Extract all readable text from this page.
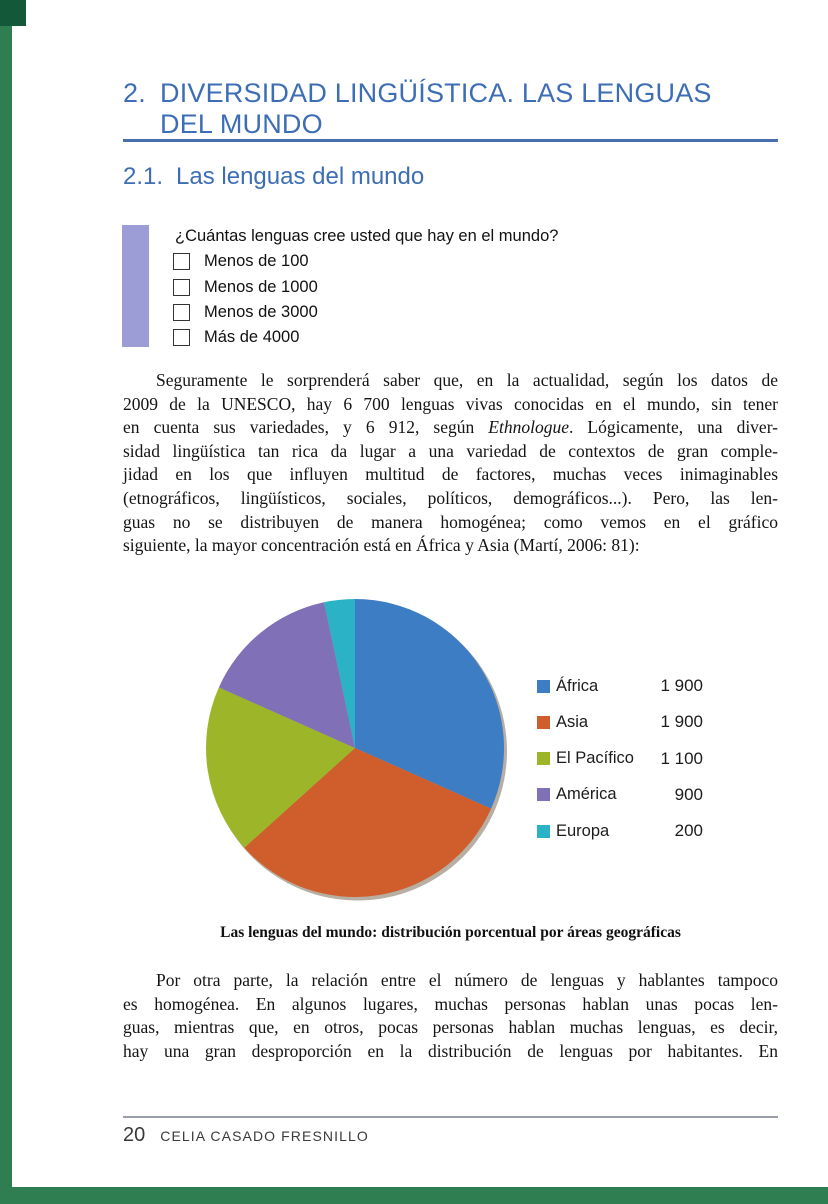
2. DIVERSIDAD LINGÜÍSTICA. LAS LENGUAS
DEL MUNDO
2.1. Las lenguas del mundo
¿Cuántas lenguas cree usted que hay en el mundo?
Menos de 100
Menos de 1000
Menos de 3000
Más de 4000
Seguramente le sorprenderá saber que, en la actualidad, según los datos de
2009 de la UNESCO, hay 6 700 lenguas vivas conocidas en el mundo, sin tener
en cuenta sus variedades, y 6 912, según Ethnologue. Lógicamente, una diver-
sidad lingüística tan rica da lugar a una variedad de contextos de gran comple-
jidad en los que influyen multitud de factores, muchas veces inimaginables
(etnográficos, lingüísticos, sociales, políticos, demográficos...). Pero, las len-
guas no se distribuyen de manera homogénea; como vemos en el gráfico
siguiente, la mayor concentración está en África y Asia (Martí, 2006: 81):
África	1 900
Asia	1 900
El Pacífico	1 100
América	900
Europa	200
Las lenguas del mundo: distribución porcentual por áreas geográficas
Por otra parte, la relación entre el número de lenguas y hablantes tampoco
es homogénea. En algunos lugares, muchas personas hablan unas pocas len-
guas, mientras que, en otros, pocas personas hablan muchas lenguas, es decir,
hay una gran desproporción en la distribución de lenguas por habitantes. En
20 CELIA CASADO FRESNILLO
